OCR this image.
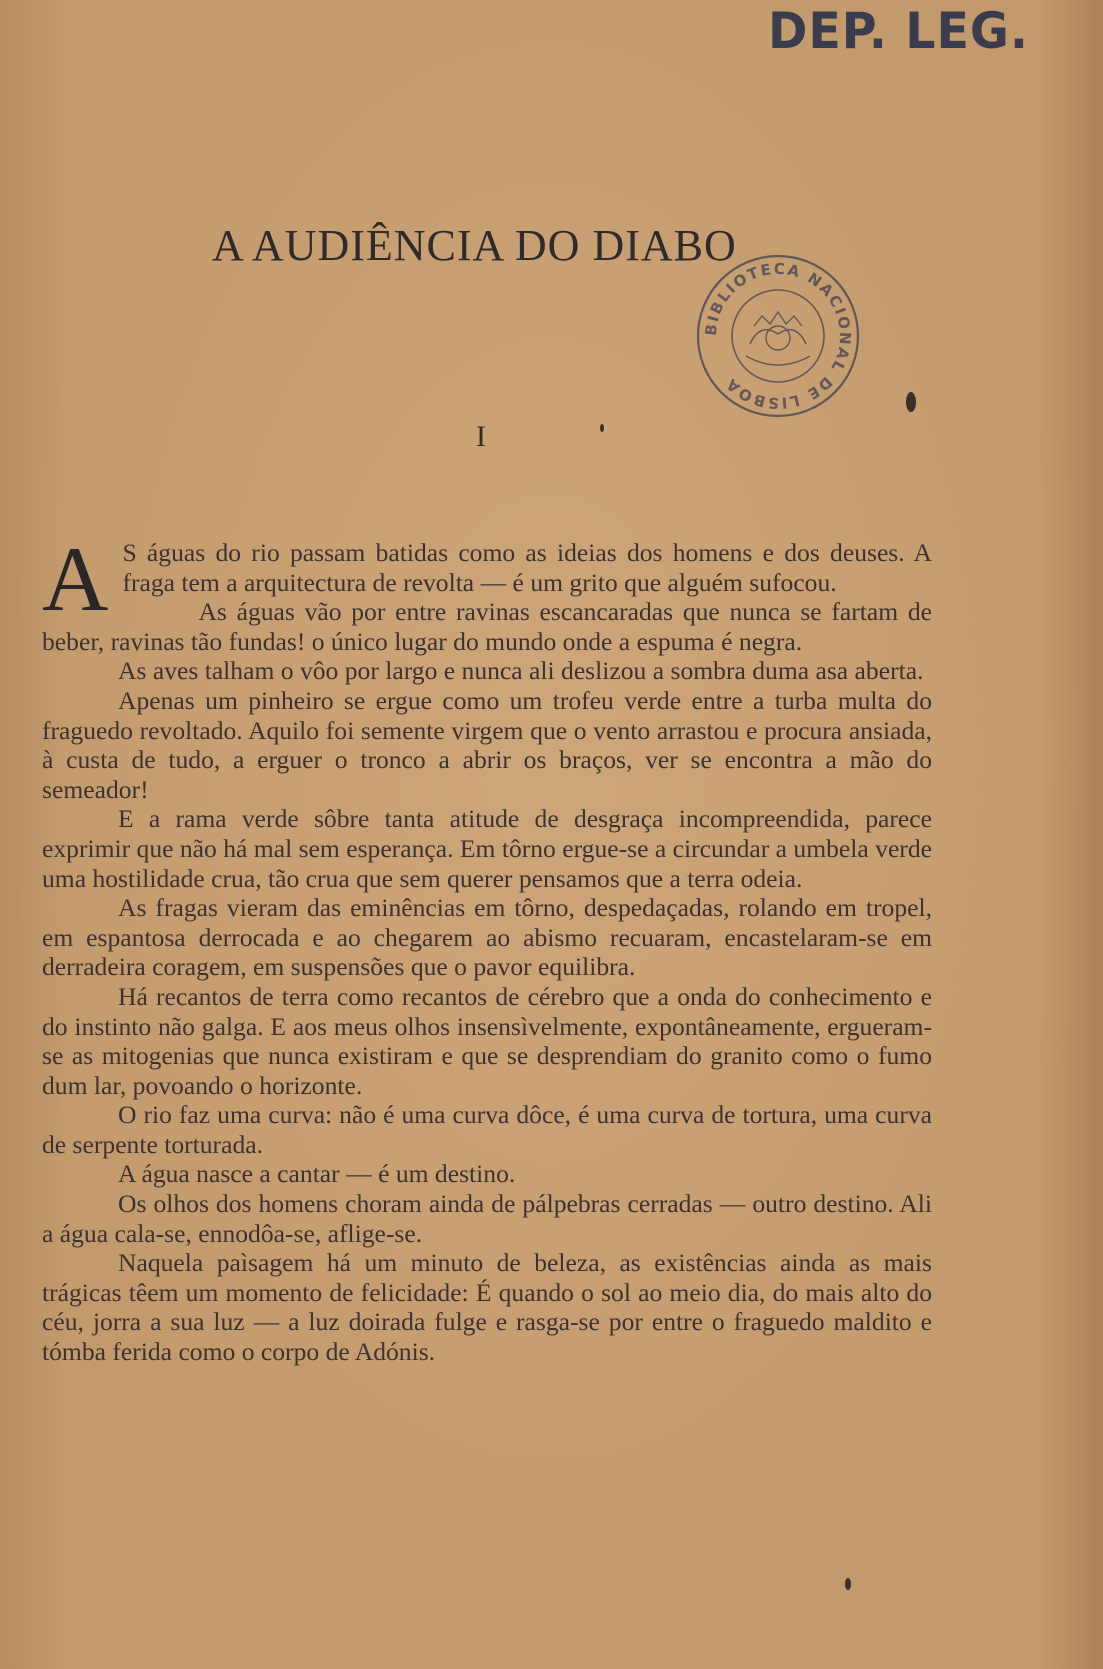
DEP. LEG.
A AUDIÊNCIA DO DIABO
BIBLIOTECA NACIONAL DE LISBOA
I

A S águas do rio passam batidas como as ideias dos homens e dos deuses. A fraga tem a arquitectura de revolta — é um grito que alguém sufocou.

As águas vão por entre ravinas escancaradas que nunca se fartam de beber, ravinas tão fundas! o único lugar do mundo onde a espuma é negra.

As aves talham o vôo por largo e nunca ali deslizou a sombra duma asa aberta.

Apenas um pinheiro se ergue como um trofeu verde entre a turba multa do fraguedo revoltado. Aquilo foi semente virgem que o vento arrastou e procura ansiada, à custa de tudo, a erguer o tronco a abrir os braços, ver se encontra a mão do semeador!

E a rama verde sôbre tanta atitude de desgraça incompreendida, parece exprimir que não há mal sem esperança. Em tôrno ergue-se a circundar a umbela verde uma hostilidade crua, tão crua que sem querer pensamos que a terra odeia.

As fragas vieram das eminências em tôrno, despedaçadas, rolando em tropel, em espantosa derrocada e ao chegarem ao abismo recuaram, encastelaram-se em derradeira coragem, em suspensões que o pavor equilibra.

Há recantos de terra como recantos de cérebro que a onda do conhecimento e do instinto não galga. E aos meus olhos insensìvelmente, expontâneamente, ergueram-se as mitogenias que nunca existiram e que se desprendiam do granito como o fumo dum lar, povoando o horizonte.

O rio faz uma curva: não é uma curva dôce, é uma curva de tortura, uma curva de serpente torturada.

A água nasce a cantar — é um destino.

Os olhos dos homens choram ainda de pálpebras cerradas — outro destino. Ali a água cala-se, ennodôa-se, aflige-se.

Naquela paìsagem há um minuto de beleza, as existências ainda as mais trágicas têem um momento de felicidade: É quando o sol ao meio dia, do mais alto do céu, jorra a sua luz — a luz doirada fulge e rasga-se por entre o fraguedo maldito e tómba ferida como o corpo de Adónis.
